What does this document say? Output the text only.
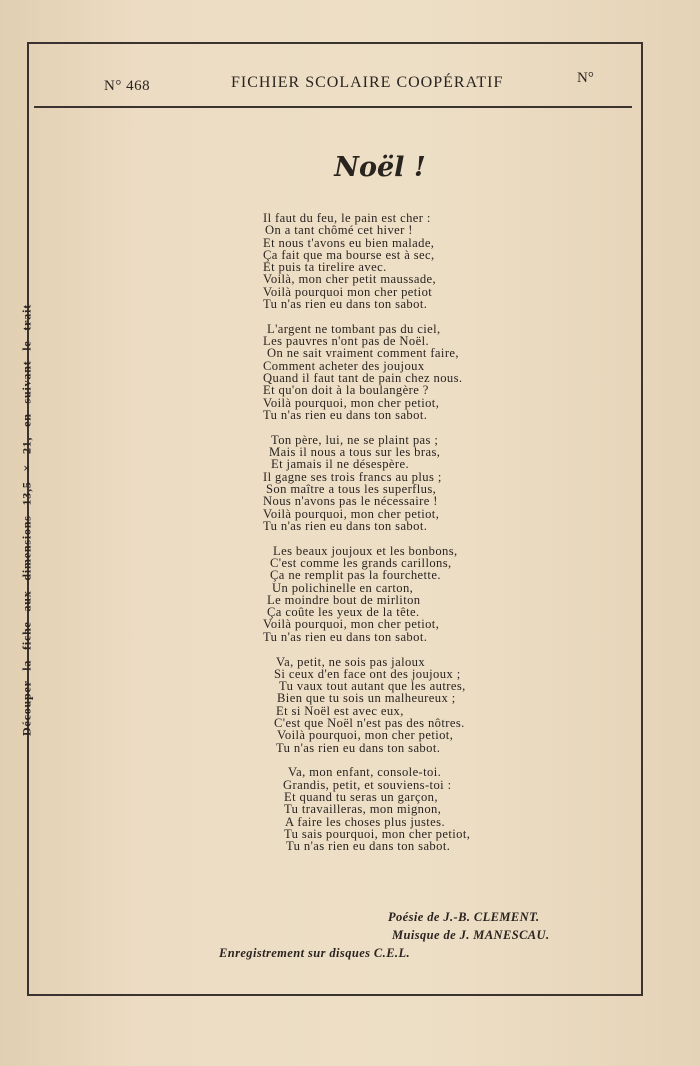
N° 468	FICHIER SCOLAIRE COOPÉRATIF	N°
Découper la fiche aux dimensions 13,5 × 21, en suivant le trait
Noël !
Il faut du feu, le pain est cher :
On a tant chômé cet hiver !
Et nous t'avons eu bien malade,
Ça fait que ma bourse est à sec,
Et puis ta tirelire avec.
Voilà, mon cher petit maussade,
Voilà pourquoi mon cher petiot
Tu n'as rien eu dans ton sabot.
L'argent ne tombant pas du ciel,
Les pauvres n'ont pas de Noël.
On ne sait vraiment comment faire,
Comment acheter des joujoux
Quand il faut tant de pain chez nous.
Et qu'on doit à la boulangère ?
Voilà pourquoi, mon cher petiot,
Tu n'as rien eu dans ton sabot.
Ton père, lui, ne se plaint pas ;
Mais il nous a tous sur les bras,
Et jamais il ne désespère.
Il gagne ses trois francs au plus ;
Son maître a tous les superflus,
Nous n'avons pas le nécessaire !
Voilà pourquoi, mon cher petiot,
Tu n'as rien eu dans ton sabot.
Les beaux joujoux et les bonbons,
C'est comme les grands carillons,
Ça ne remplit pas la fourchette.
Un polichinelle en carton,
Le moindre bout de mirliton
Ça coûte les yeux de la tête.
Voilà pourquoi, mon cher petiot,
Tu n'as rien eu dans ton sabot.
Va, petit, ne sois pas jaloux
Si ceux d'en face ont des joujoux ;
Tu vaux tout autant que les autres,
Bien que tu sois un malheureux ;
Et si Noël est avec eux,
C'est que Noël n'est pas des nôtres.
Voilà pourquoi, mon cher petiot,
Tu n'as rien eu dans ton sabot.
Va, mon enfant, console-toi.
Grandis, petit, et souviens-toi :
Et quand tu seras un garçon,
Tu travailleras, mon mignon,
A faire les choses plus justes.
Tu sais pourquoi, mon cher petiot,
Tu n'as rien eu dans ton sabot.
Poésie de J.-B. CLEMENT.
Muisque de J. MANESCAU.
Enregistrement sur disques C.E.L.
